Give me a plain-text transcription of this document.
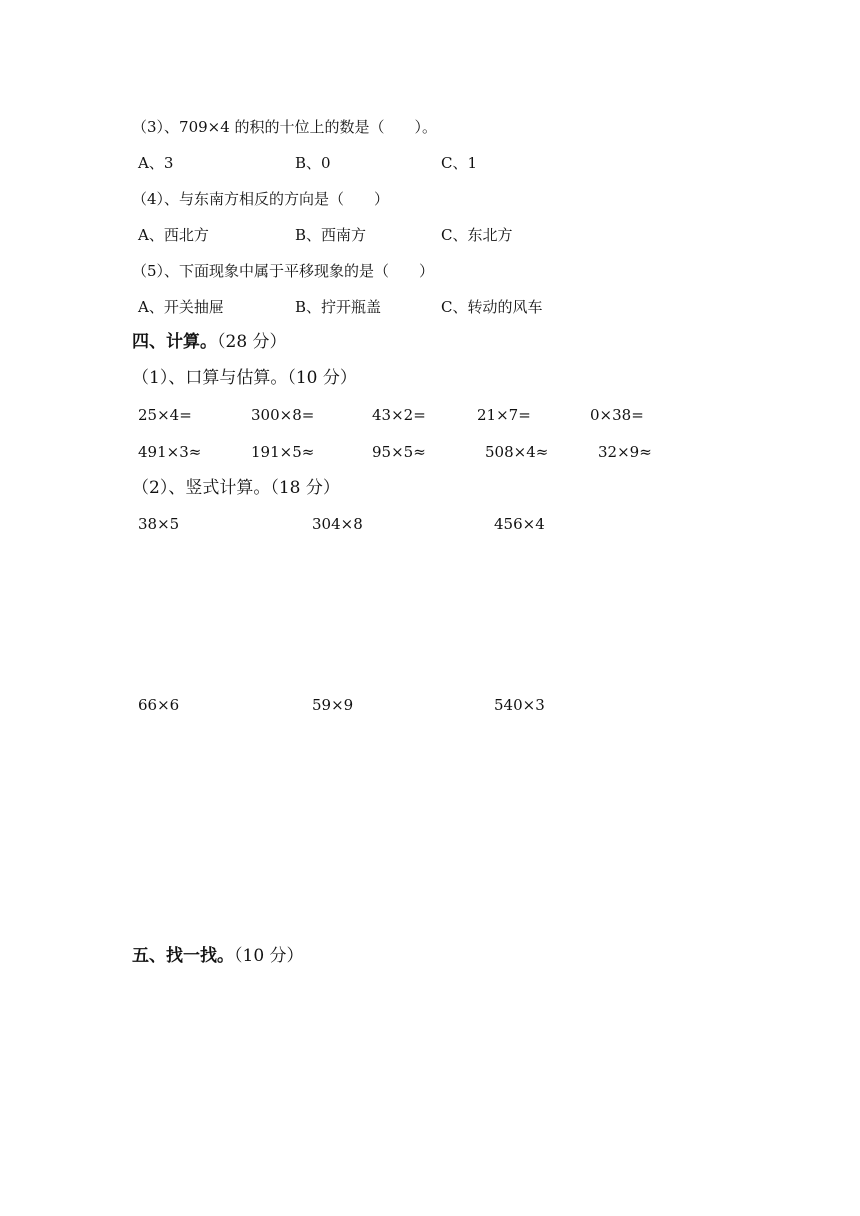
（3）、709×4 的积的十位上的数是（　　）。
A、3	B、0	C、1
（4）、与东南方相反的方向是（　　）
A、西北方	B、西南方	C、东北方
（5）、下面现象中属于平移现象的是（　　）
A、开关抽屉	B、拧开瓶盖	C、转动的风车
四、计算。（28 分）
（1）、口算与估算。（10 分）
25×4=	300×8=	43×2=	21×7=	0×38=
491×3≈	191×5≈	95×5≈	508×4≈	32×9≈
（2）、竖式计算。（18 分）
38×5	304×8	456×4
66×6	59×9	540×3
五、找一找。（10 分）
